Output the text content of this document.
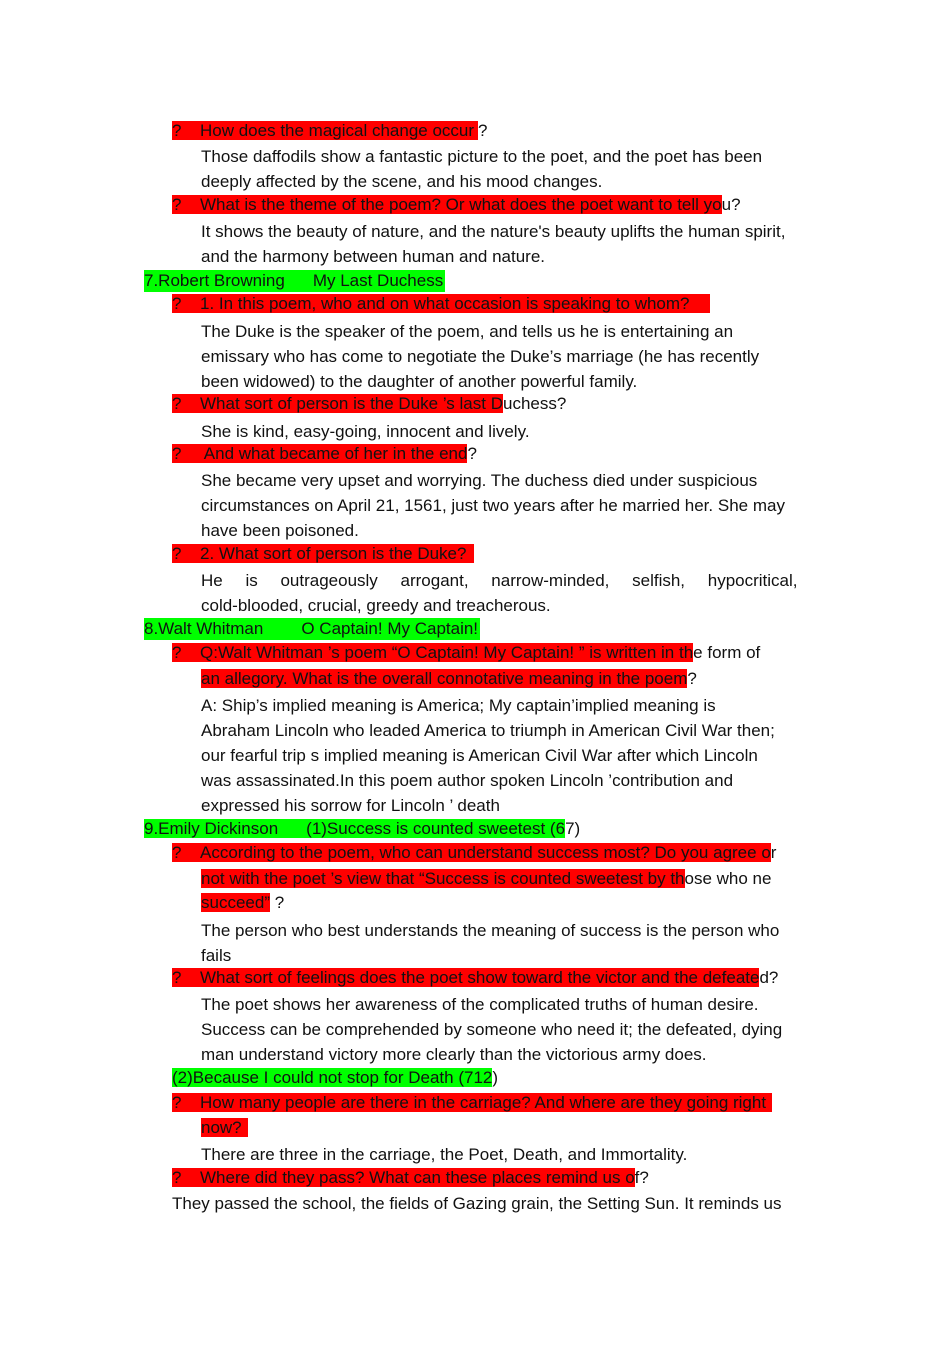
? How does the magical change occur ?
Those daffodils show a fantastic picture to the poet, and the poet has been
deeply affected by the scene, and his mood changes.
? What is the theme of the poem? Or what does the poet want to tell you?
It shows the beauty of nature, and the nature's beauty uplifts the human spirit,
and the harmony between human and nature.
7.Robert Browning My Last Duchess
? 1. In this poem, who and on what occasion is speaking to whom?
The Duke is the speaker of the poem, and tells us he is entertaining an
emissary who has come to negotiate the Duke’s marriage (he has recently
been widowed) to the daughter of another powerful family.
? What sort of person is the Duke ’s last Duchess?
She is kind, easy-going, innocent and lively.
? And what became of her in the end?
She became very upset and worrying. The duchess died under suspicious
circumstances on April 21, 1561, just two years after he married her. She may
have been poisoned.
? 2. What sort of person is the Duke?
He is outrageously arrogant, narrow-minded, selfish, hypocritical,
cold-blooded, crucial, greedy and treacherous.
8.Walt Whitman O Captain! My Captain!
? Q:Walt Whitman ’s poem “O Captain! My Captain! ” is written in the form of
an allegory. What is the overall connotative meaning in the poem?
A: Ship’s implied meaning is America; My captain’implied meaning is
Abraham Lincoln who leaded America to triumph in American Civil War then;
our fearful trip s implied meaning is American Civil War after which Lincoln
was assassinated.In this poem author spoken Lincoln ’contribution and
expressed his sorrow for Lincoln ’ death
9.Emily Dickinson (1)Success is counted sweetest (67)
? According to the poem, who can understand success most? Do you agree or
not with the poet ’s view that “Success is counted sweetest by those who ne
succeed” ?
The person who best understands the meaning of success is the person who
fails
? What sort of feelings does the poet show toward the victor and the defeated?
The poet shows her awareness of the complicated truths of human desire.
Success can be comprehended by someone who need it; the defeated, dying
man understand victory more clearly than the victorious army does.
(2)Because I could not stop for Death (712)
? How many people are there in the carriage? And where are they going right
now?
There are three in the carriage, the Poet, Death, and Immortality.
? Where did they pass? What can these places remind us of?
They passed the school, the fields of Gazing grain, the Setting Sun. It reminds us
